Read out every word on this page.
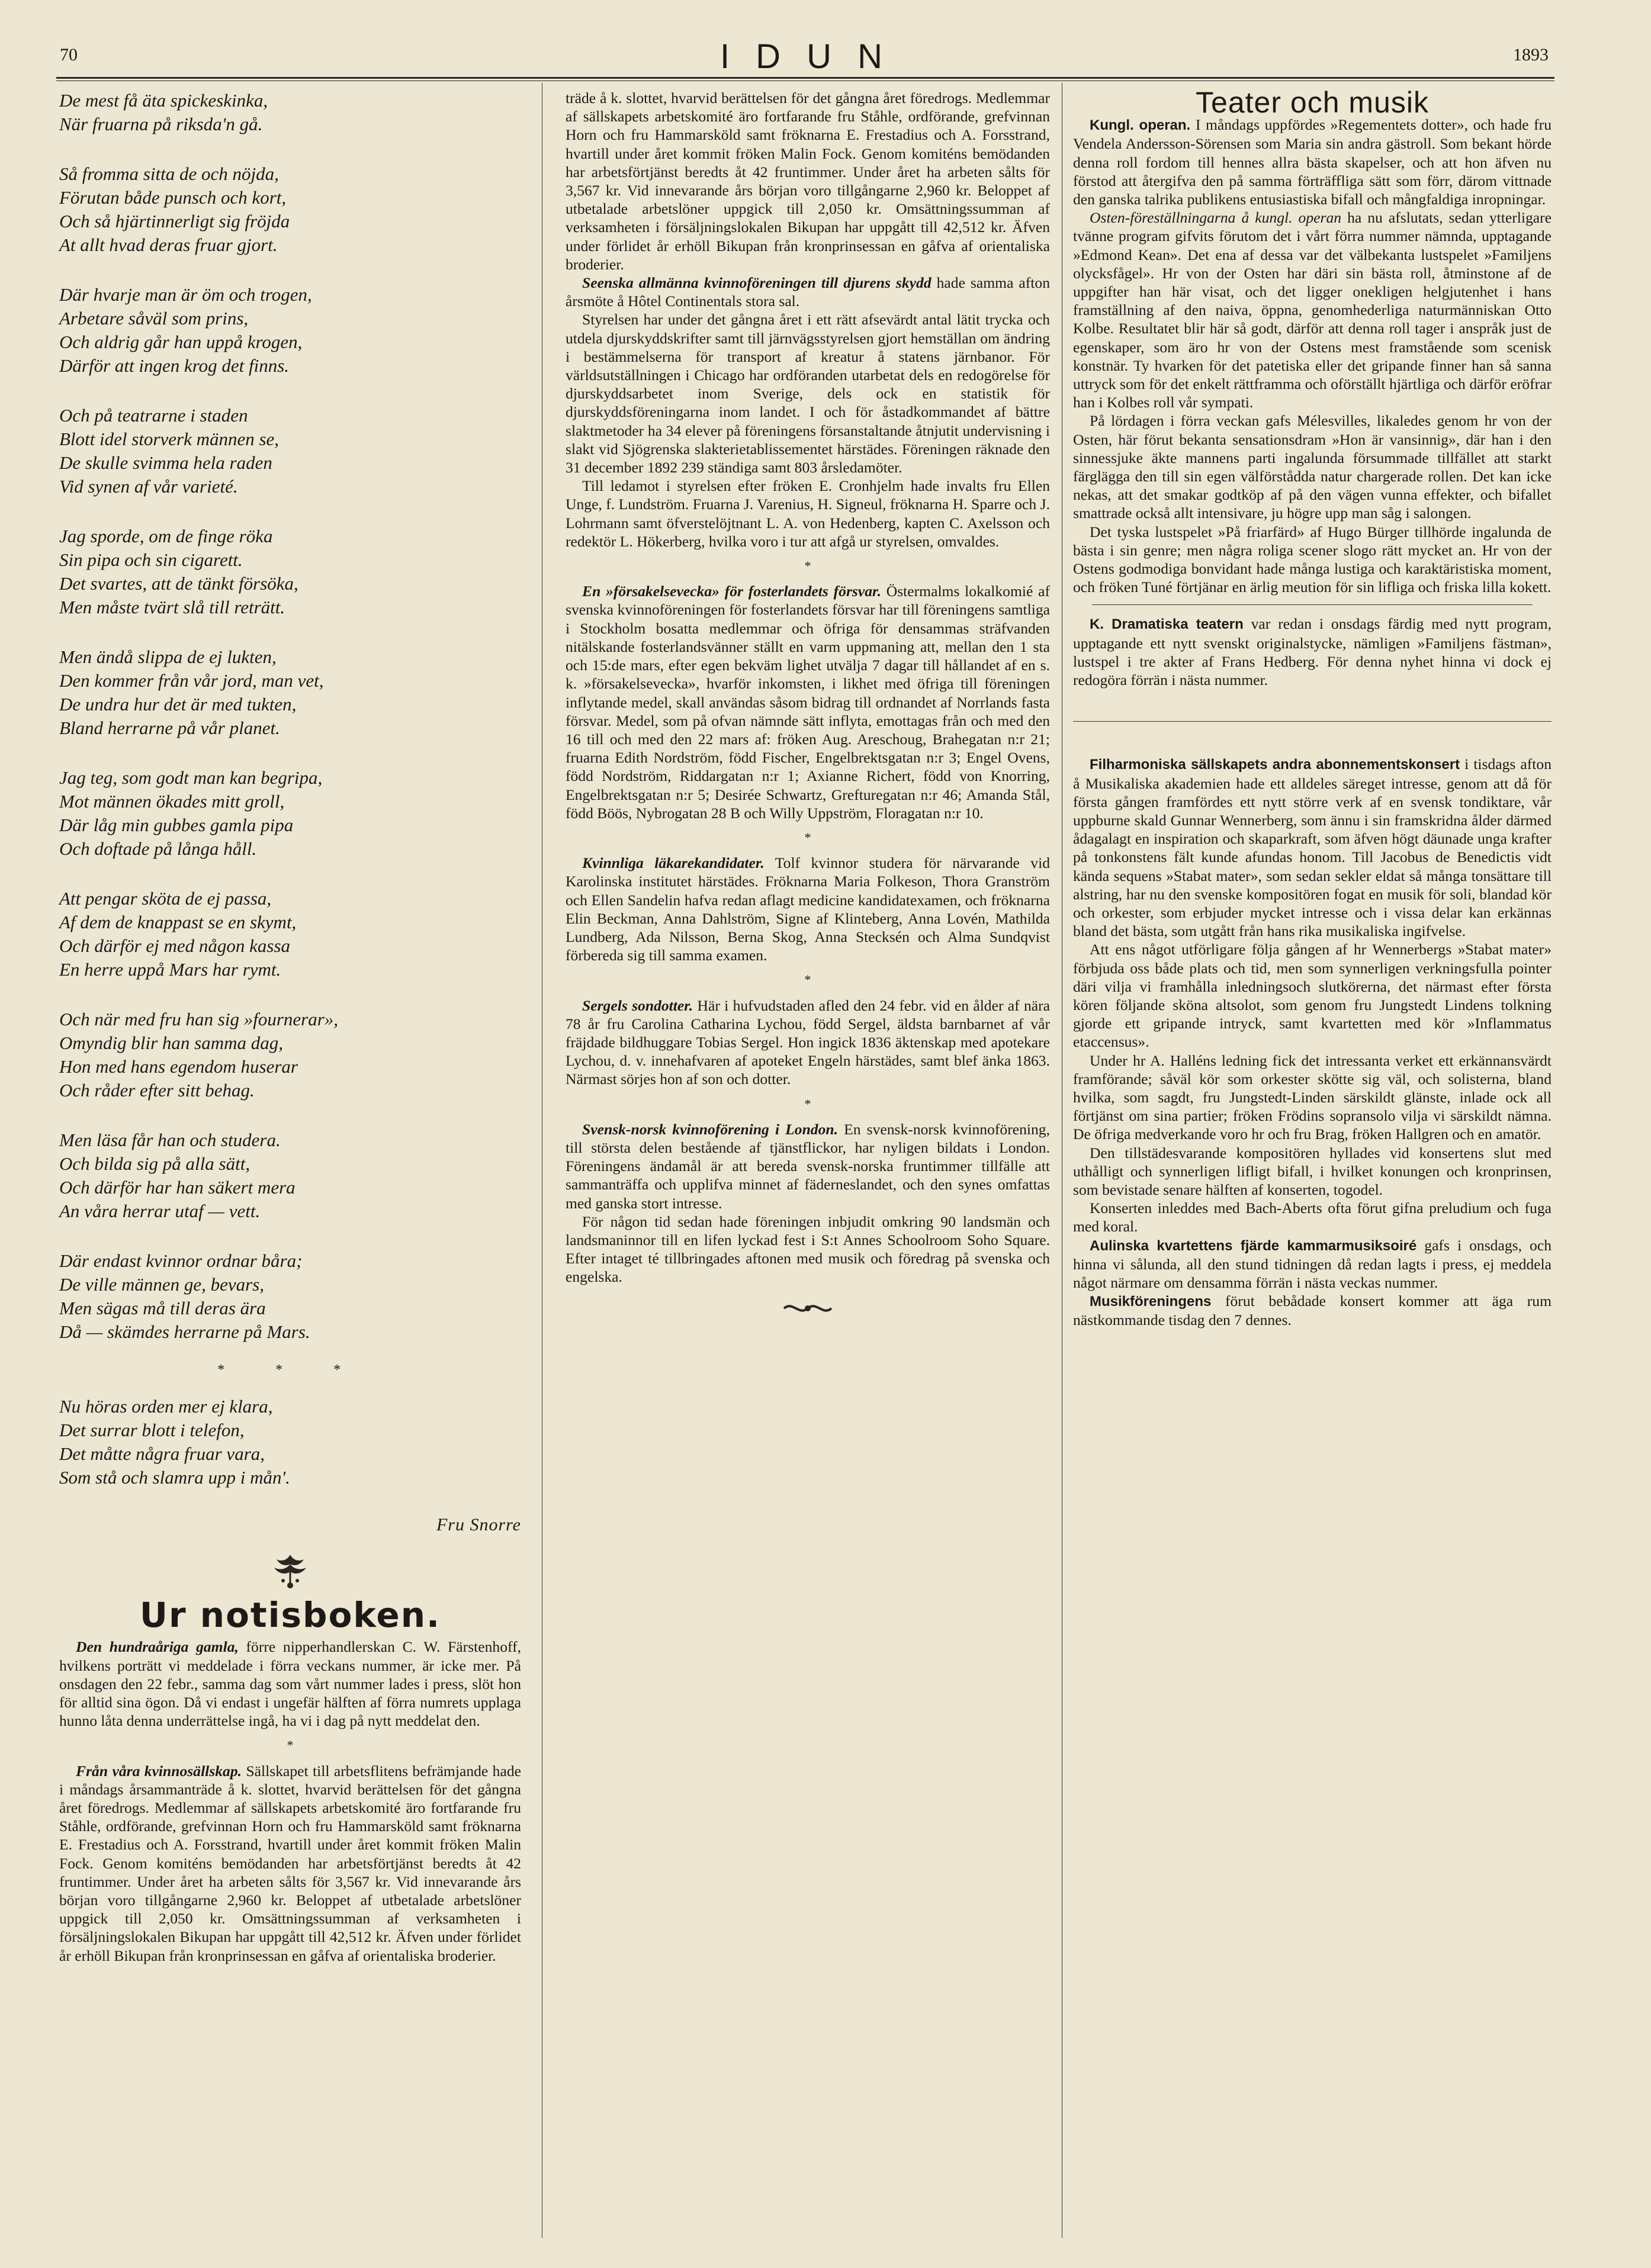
70	I D U N	1893
De mest få äta spickeskinka,
När fruarna på riksda'n gå.
Så fromma sitta de och nöjda,
Förutan både punsch och kort,
Och så hjärtinnerligt sig fröjda
At allt hvad deras fruar gjort.
Där hvarje man är öm och trogen,
Arbetare såväl som prins,
Och aldrig går han uppå krogen,
Därför att ingen krog det finns.
Och på teatrarne i staden
Blott idel storverk männen se,
De skulle svimma hela raden
Vid synen af vår varieté.
Jag sporde, om de finge röka
Sin pipa och sin cigarett.
Det svartes, att de tänkt försöka,
Men måste tvärt slå till reträtt.
Men ändå slippa de ej lukten,
Den kommer från vår jord, man vet,
De undra hur det är med tukten,
Bland herrarne på vår planet.
Jag teg, som godt man kan begripa,
Mot männen ökades mitt groll,
Där låg min gubbes gamla pipa
Och doftade på långa håll.
Att pengar sköta de ej passa,
Af dem de knappast se en skymt,
Och därför ej med någon kassa
En herre uppå Mars har rymt.
Och när med fru han sig »fournerar»,
Omyndig blir han samma dag,
Hon med hans egendom huserar
Och råder efter sitt behag.
Men läsa får han och studera.
Och bilda sig på alla sätt,
Och därför har han säkert mera
An våra herrar utaf — vett.
Där endast kvinnor ordnar båra;
De ville männen ge, bevars,
Men sägas må till deras ära
Då — skämdes herrarne på Mars.
* * *
Nu höras orden mer ej klara,
Det surrar blott i telefon,
Det måtte några fruar vara,
Som stå och slamra upp i mån'.
Fru Snorre
Ur notisboken.

Den hundraåriga gamla, förre nipperhandlerskan C. W. Färstenhoff, hvilkens porträtt vi meddelade i förra veckans nummer, är icke mer. På onsdagen den 22 febr., samma dag som vårt nummer lades i press, slöt hon för alltid sina ögon. Då vi endast i ungefär hälften af förra numrets upplaga hunno låta denna underrättelse ingå, ha vi i dag på nytt meddelat den.

*

Från våra kvinnosällskap. Sällskapet till arbetsflitens befrämjande hade i måndags årsammanträde å k. slottet, hvarvid berättelsen för det gångna året föredrogs. Medlemmar af sällskapets arbetskomité äro fortfarande fru Ståhle, ordförande, grefvinnan Horn och fru Hammarsköld samt fröknarna E. Frestadius och A. Forsstrand, hvartill under året kommit fröken Malin Fock. Genom komiténs bemödanden har arbetsförtjänst beredts åt 42 fruntimmer. Under året ha arbeten sålts för 3,567 kr. Vid innevarande års början voro tillgångarne 2,960 kr. Beloppet af utbetalade arbetslöner uppgick till 2,050 kr. Omsättningssumman af verksamheten i försäljningslokalen Bikupan har uppgått till 42,512 kr. Äfven under förlidet år erhöll Bikupan från kronprinsessan en gåfva af orientaliska broderier.

träde å k. slottet, hvarvid berättelsen för det gångna året föredrogs. Medlemmar af sällskapets arbetskomité äro fortfarande fru Ståhle, ordförande, grefvinnan Horn och fru Hammarsköld samt fröknarna E. Frestadius och A. Forsstrand, hvartill under året kommit fröken Malin Fock. Genom komiténs bemödanden har arbetsförtjänst beredts åt 42 fruntimmer. Under året ha arbeten sålts för 3,567 kr. Vid innevarande års början voro tillgångarne 2,960 kr. Beloppet af utbetalade arbetslöner uppgick till 2,050 kr. Omsättningssumman af verksamheten i försäljningslokalen Bikupan har uppgått till 42,512 kr. Äfven under förlidet år erhöll Bikupan från kronprinsessan en gåfva af orientaliska broderier.

Seenska allmänna kvinnoföreningen till djurens skydd hade samma afton årsmöte å Hôtel Continentals stora sal.

Styrelsen har under det gångna året i ett rätt afsevärdt antal lätit trycka och utdela djurskyddskrifter samt till järnvägsstyrelsen gjort hemställan om ändring i bestämmelserna för transport af kreatur å statens järnbanor. För världsutställningen i Chicago har ordföranden utarbetat dels en redogörelse för djurskyddsarbetet inom Sverige, dels ock en statistik för djurskyddsföreningarna inom landet. I och för åstadkommandet af bättre slaktmetoder ha 34 elever på föreningens försanstaltande åtnjutit undervisning i slakt vid Sjögrenska slakterietablissementet härstädes. Föreningen räknade den 31 december 1892 239 ständiga samt 803 årsledamöter.

Till ledamot i styrelsen efter fröken E. Cronhjelm hade invalts fru Ellen Unge, f. Lundström. Fruarna J. Varenius, H. Signeul, fröknarna H. Sparre och J. Lohrmann samt öfverstelöjtnant L. A. von Hedenberg, kapten C. Axelsson och redektör L. Hökerberg, hvilka voro i tur att afgå ur styrelsen, omvaldes.

*

En »försakelsevecka» för fosterlandets försvar. Östermalms lokalkomié af svenska kvinnoföreningen för fosterlandets försvar har till föreningens samtliga i Stockholm bosatta medlemmar och öfriga för densammas sträfvanden nitälskande fosterlandsvänner ställt en varm uppmaning att, mellan den 1 sta och 15:de mars, efter egen bekväm lighet utvälja 7 dagar till hållandet af en s. k. »försakelsevecka», hvarför inkomsten, i likhet med öfriga till föreningen inflytande medel, skall användas såsom bidrag till ordnandet af Norrlands fasta försvar. Medel, som på ofvan nämnde sätt inflyta, emottagas från och med den 16 till och med den 22 mars af: fröken Aug. Areschoug, Brahegatan n:r 21; fruarna Edith Nordström, född Fischer, Engelbrektsgatan n:r 3; Engel Ovens, född Nordström, Riddargatan n:r 1; Axianne Richert, född von Knorring, Engelbrektsgatan n:r 5; Desirée Schwartz, Grefturegatan n:r 46; Amanda Stål, född Böös, Nybrogatan 28 B och Willy Uppström, Floragatan n:r 10.

*

Kvinnliga läkarekandidater. Tolf kvinnor studera för närvarande vid Karolinska institutet härstädes. Fröknarna Maria Folkeson, Thora Granström och Ellen Sandelin hafva redan aflagt medicine kandidatexamen, och fröknarna Elin Beckman, Anna Dahlström, Signe af Klinteberg, Anna Lovén, Mathilda Lundberg, Ada Nilsson, Berna Skog, Anna Stecksén och Alma Sundqvist förbereda sig till samma examen.

*

Sergels sondotter. Här i hufvudstaden afled den 24 febr. vid en ålder af nära 78 år fru Carolina Catharina Lychou, född Sergel, äldsta barnbarnet af vår fräjdade bildhuggare Tobias Sergel. Hon ingick 1836 äktenskap med apotekare Lychou, d. v. innehafvaren af apoteket Engeln härstädes, samt blef änka 1863. Närmast sörjes hon af son och dotter.

*

Svensk-norsk kvinnoförening i London. En svensk-norsk kvinnoförening, till största delen bestående af tjänstflickor, har nyligen bildats i London. Föreningens ändamål är att bereda svensk-norska fruntimmer tillfälle att sammanträffa och upplifva minnet af fäderneslandet, och den synes omfattas med ganska stort intresse.

För någon tid sedan hade föreningen inbjudit omkring 90 landsmän och landsmaninnor till en lifen lyckad fest i S:t Annes Schoolroom Soho Square. Efter intaget té tillbringades aftonen med musik och föredrag på svenska och engelska.

Teater och musik

Kungl. operan. I måndags uppfördes »Regementets dotter», och hade fru Vendela Andersson-Sörensen som Maria sin andra gästroll. Som bekant hörde denna roll fordom till hennes allra bästa skapelser, och att hon äfven nu förstod att återgifva den på samma förträffliga sätt som förr, därom vittnade den ganska talrika publikens entusiastiska bifall och mångfaldiga inropningar.

Osten-föreställningarna å kungl. operan ha nu afslutats, sedan ytterligare tvänne program gifvits förutom det i vårt förra nummer nämnda, upptagande »Edmond Kean». Det ena af dessa var det välbekanta lustspelet »Familjens olycksfågel». Hr von der Osten har däri sin bästa roll, åtminstone af de uppgifter han här visat, och det ligger onekligen helgjutenhet i hans framställning af den naiva, öppna, genomhederliga naturmänniskan Otto Kolbe. Resultatet blir här så godt, därför att denna roll tager i anspråk just de egenskaper, som äro hr von der Ostens mest framstående som scenisk konstnär. Ty hvarken för det patetiska eller det gripande finner han så sanna uttryck som för det enkelt rättframma och oförställt hjärtliga och därför eröfrar han i Kolbes roll vår sympati.

På lördagen i förra veckan gafs Mélesvilles, likaledes genom hr von der Osten, här förut bekanta sensationsdram »Hon är vansinnig», där han i den sinnessjuke äkte mannens parti ingalunda försummade tillfället att starkt färglägga den till sin egen välförstådda natur chargerade rollen. Det kan icke nekas, att det smakar godtköp af på den vägen vunna effekter, och bifallet smattrade också allt intensivare, ju högre upp man såg i salongen.

Det tyska lustspelet »På friarfärd» af Hugo Bürger tillhörde ingalunda de bästa i sin genre; men några roliga scener slogo rätt mycket an. Hr von der Ostens godmodiga bonvidant hade många lustiga och karaktäristiska moment, och fröken Tuné förtjänar en ärlig meution för sin lifliga och friska lilla kokett.

K. Dramatiska teatern var redan i onsdags färdig med nytt program, upptagande ett nytt svenskt originalstycke, nämligen »Familjens fästman», lustspel i tre akter af Frans Hedberg. För denna nyhet hinna vi dock ej redogöra förrän i nästa nummer.

Filharmoniska sällskapets andra abonnementskonsert i tisdags afton å Musikaliska akademien hade ett alldeles säreget intresse, genom att då för första gången framfördes ett nytt större verk af en svensk tondiktare, vår uppburne skald Gunnar Wennerberg, som ännu i sin framskridna ålder därmed ådagalagt en inspiration och skaparkraft, som äfven högt däunade unga krafter på tonkonstens fält kunde afundas honom. Till Jacobus de Benedictis vidt kända sequens »Stabat mater», som sedan sekler eldat så många tonsättare till alstring, har nu den svenske kompositören fogat en musik för soli, blandad kör och orkester, som erbjuder mycket intresse och i vissa delar kan erkännas bland det bästa, som utgått från hans rika musikaliska ingifvelse.

Att ens något utförligare följa gången af hr Wennerbergs »Stabat mater» förbjuda oss både plats och tid, men som synnerligen verkningsfulla pointer däri vilja vi framhålla inledningsoch slutkörerna, det närmast efter första kören följande sköna altsolot, som genom fru Jungstedt Lindens tolkning gjorde ett gripande intryck, samt kvartetten med kör »Inflammatus etaccensus».

Under hr A. Halléns ledning fick det intressanta verket ett erkännansvärdt framförande; såväl kör som orkester skötte sig väl, och solisterna, bland hvilka, som sagdt, fru Jungstedt-Linden särskildt glänste, inlade ock all förtjänst om sina partier; fröken Frödins sopransolo vilja vi särskildt nämna. De öfriga medverkande voro hr och fru Brag, fröken Hallgren och en amatör.

Den tillstädesvarande kompositören hyllades vid konsertens slut med uthålligt och synnerligen lifligt bifall, i hvilket konungen och kronprinsen, som bevistade senare hälften af konserten, togodel.

Konserten inleddes med Bach-Aberts ofta förut gifna preludium och fuga med koral.

Aulinska kvartettens fjärde kammarmusiksoiré gafs i onsdags, och hinna vi sålunda, all den stund tidningen då redan lagts i press, ej meddela något närmare om densamma förrän i nästa veckas nummer.

Musikföreningens förut bebådade konsert kommer att äga rum nästkommande tisdag den 7 dennes.
